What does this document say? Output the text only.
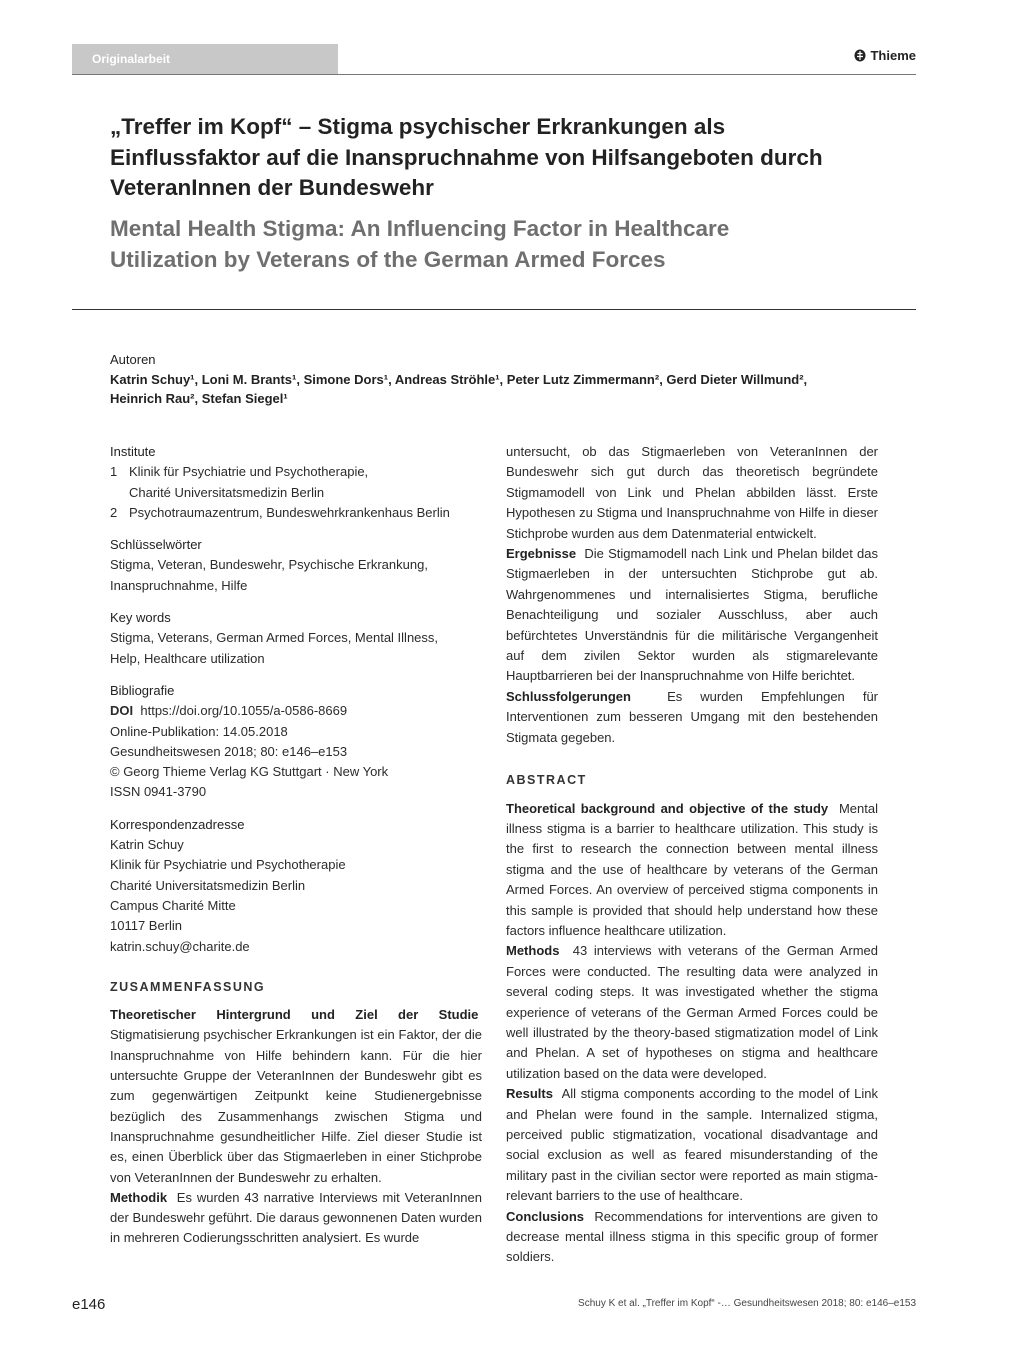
Originalarbeit	Thieme
„Treffer im Kopf“ – Stigma psychischer Erkrankungen als
Einflussfaktor auf die Inanspruchnahme von Hilfsangeboten durch
VeteranInnen der Bundeswehr
Mental Health Stigma: An Influencing Factor in Healthcare
Utilization by Veterans of the German Armed Forces
Autoren
Katrin Schuy¹, Loni M. Brants¹, Simone Dors¹, Andreas Ströhle¹, Peter Lutz Zimmermann², Gerd Dieter Willmund²,
Heinrich Rau², Stefan Siegel¹
Institute
1 Klinik für Psychiatrie und Psychotherapie,
Charité Universitatsmedizin Berlin
2 Psychotraumazentrum, Bundeswehrkrankenhaus Berlin
Schlüsselwörter
Stigma, Veteran, Bundeswehr, Psychische Erkrankung,
Inanspruchnahme, Hilfe
Key words
Stigma, Veterans, German Armed Forces, Mental Illness,
Help, Healthcare utilization
Bibliografie
DOI https://doi.org/10.1055/a-0586-8669
Online-Publikation: 14.05.2018
Gesundheitswesen 2018; 80: e146–e153
© Georg Thieme Verlag KG Stuttgart · New York
ISSN 0941-3790
Korrespondenzadresse
Katrin Schuy
Klinik für Psychiatrie und Psychotherapie
Charité Universitatsmedizin Berlin
Campus Charité Mitte
10117 Berlin
katrin.schuy@charite.de
ZUSAMMENFASSUNG

Theoretischer Hintergrund und Ziel der Studie  Stigmatisierung psychischer Erkrankungen ist ein Faktor, der die Inanspruchnahme von Hilfe behindern kann. Für die hier untersuchte Gruppe der VeteranInnen der Bundeswehr gibt es zum gegenwärtigen Zeitpunkt keine Studienergebnisse bezüglich des Zusammenhangs zwischen Stigma und Inanspruchnahme gesundheitlicher Hilfe. Ziel dieser Studie ist es, einen Überblick über das Stigmaerleben in einer Stichprobe von VeteranInnen der Bundeswehr zu erhalten.

Methodik Es wurden 43 narrative Interviews mit VeteranInnen der Bundeswehr geführt. Die daraus gewonnenen Daten wurden in mehreren Codierungsschritten analysiert. Es wurde

untersucht, ob das Stigmaerleben von VeteranInnen der Bundeswehr sich gut durch das theoretisch begründete Stigmamodell von Link und Phelan abbilden lässt. Erste Hypothesen zu Stigma und Inanspruchnahme von Hilfe in dieser Stichprobe wurden aus dem Datenmaterial entwickelt.

Ergebnisse Die Stigmamodell nach Link und Phelan bildet das Stigmaerleben in der untersuchten Stichprobe gut ab. Wahrgenommenes und internalisiertes Stigma, berufliche Benachteiligung und sozialer Ausschluss, aber auch befürchtetes Unverständnis für die militärische Vergangenheit auf dem zivilen Sektor wurden als stigmarelevante Hauptbarrieren bei der Inanspruchnahme von Hilfe berichtet.

Schlussfolgerungen	Es wurden Empfehlungen für Interventionen zum besseren Umgang mit den bestehenden Stigmata gegeben.

ABSTRACT

Theoretical background and objective of the study Mental illness stigma is a barrier to healthcare utilization. This study is the first to research the connection between mental illness stigma and the use of healthcare by veterans of the German Armed Forces. An overview of perceived stigma components in this sample is provided that should help understand how these factors influence healthcare utilization.

Methods 43 interviews with veterans of the German Armed Forces were conducted. The resulting data were analyzed in several coding steps. It was investigated whether the stigma experience of veterans of the German Armed Forces could be well illustrated by the theory-based stigmatization model of Link and Phelan. A set of hypotheses on stigma and healthcare utilization based on the data were developed.

Results All stigma components according to the model of Link and Phelan were found in the sample. Internalized stigma, perceived public stigmatization, vocational disadvantage and social exclusion as well as feared misunderstanding of the military past in the civilian sector were reported as main stigma-relevant barriers to the use of healthcare.

Conclusions Recommendations for interventions are given to decrease mental illness stigma in this specific group of former soldiers.

e146	Schuy K et al. „Treffer im Kopf“ -… Gesundheitswesen 2018; 80: e146–e153
